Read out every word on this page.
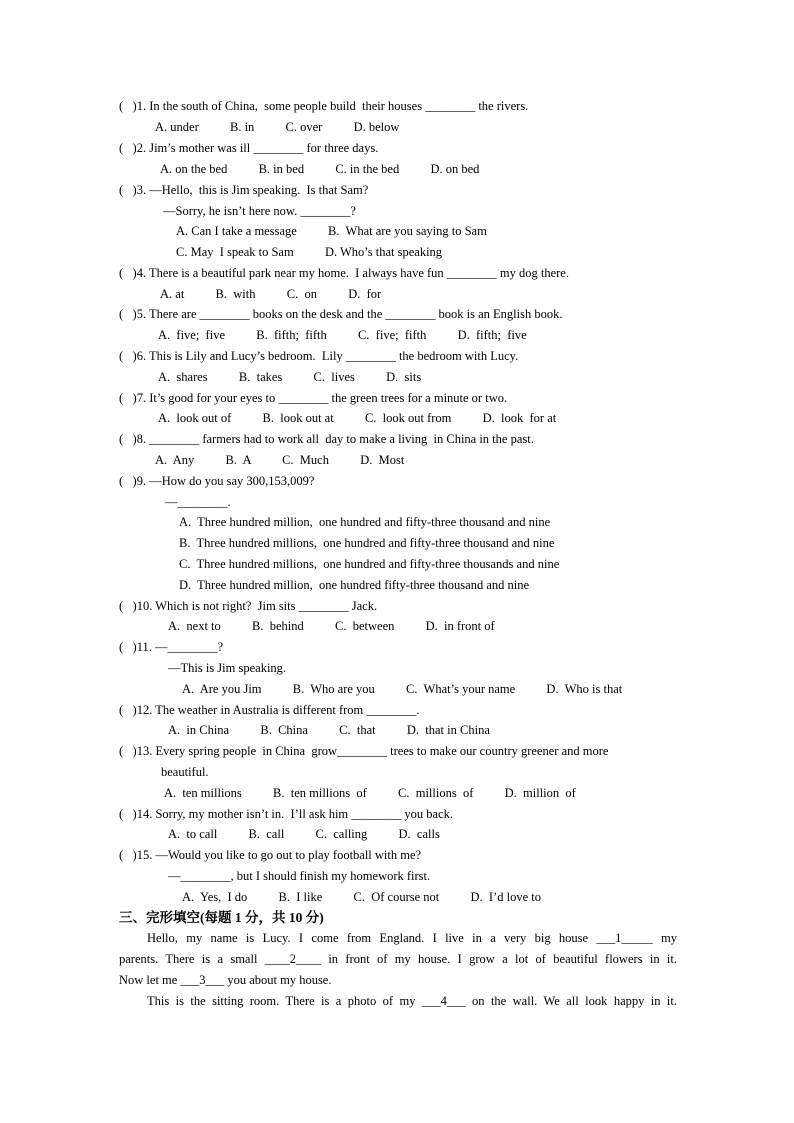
(   )1. In the south of China,  some people build  their houses ________ the rivers.
A. under          B. in          C. over          D. below
(   )2. Jim’s mother was ill ________ for three days.
A. on the bed          B. in bed          C. in the bed          D. on bed
(   )3. —Hello,  this is Jim speaking.  Is that Sam?
—Sorry, he isn’t here now. ________?
A. Can I take a message          B.  What are you saying to Sam
C. May  I speak to Sam          D. Who’s that speaking
(   )4. There is a beautiful park near my home.  I always have fun ________ my dog there.
A. at          B.  with          C.  on          D.  for
(   )5. There are ________ books on the desk and the ________ book is an English book.
A.  five;  five          B.  fifth;  fifth          C.  five;  fifth          D.  fifth;  five
(   )6. This is Lily and Lucy’s bedroom.  Lily ________ the bedroom with Lucy.
A.  shares          B.  takes          C.  lives          D.  sits
(   )7. It’s good for your eyes to ________ the green trees for a minute or two.
A.  look out of          B.  look out at          C.  look out from          D.  look  for at
(   )8. ________ farmers had to work all  day to make a living  in China in the past.
A.  Any          B.  A          C.  Much          D.  Most
(   )9. —How do you say 300,153,009?
—________.
A.  Three hundred million,  one hundred and fifty-three thousand and nine
B.  Three hundred millions,  one hundred and fifty-three thousand and nine
C.  Three hundred millions,  one hundred and fifty-three thousands and nine
D.  Three hundred million,  one hundred fifty-three thousand and nine
(   )10. Which is not right?  Jim sits ________ Jack.
A.  next to          B.  behind          C.  between          D.  in front of
(   )11. —________?
—This is Jim speaking.
A.  Are you Jim          B.  Who are you          C.  What’s your name          D.  Who is that
(   )12. The weather in Australia is different from ________.
A.  in China          B.  China          C.  that          D.  that in China
(   )13. Every spring people  in China  grow________ trees to make our country greener and more
beautiful.
A.  ten millions          B.  ten millions  of          C.  millions  of          D.  million  of
(   )14. Sorry, my mother isn’t in.  I’ll ask him ________ you back.
A.  to call          B.  call          C.  calling          D.  calls
(   )15. —Would you like to go out to play football with me?
—________, but I should finish my homework first.
A.  Yes,  I do          B.  I like          C.  Of course not          D.  I’d love to
三、完形填空(每题 1 分，共 10 分)
Hello, my name is Lucy. I come from England. I live in a very big house ___1_____ my
parents. There is a small ____2____ in front of my house. I grow a lot of beautiful flowers in it.
Now let me ___3___ you about my house.
This is the sitting room. There is a photo of my ___4___ on the wall. We all look happy in it.
